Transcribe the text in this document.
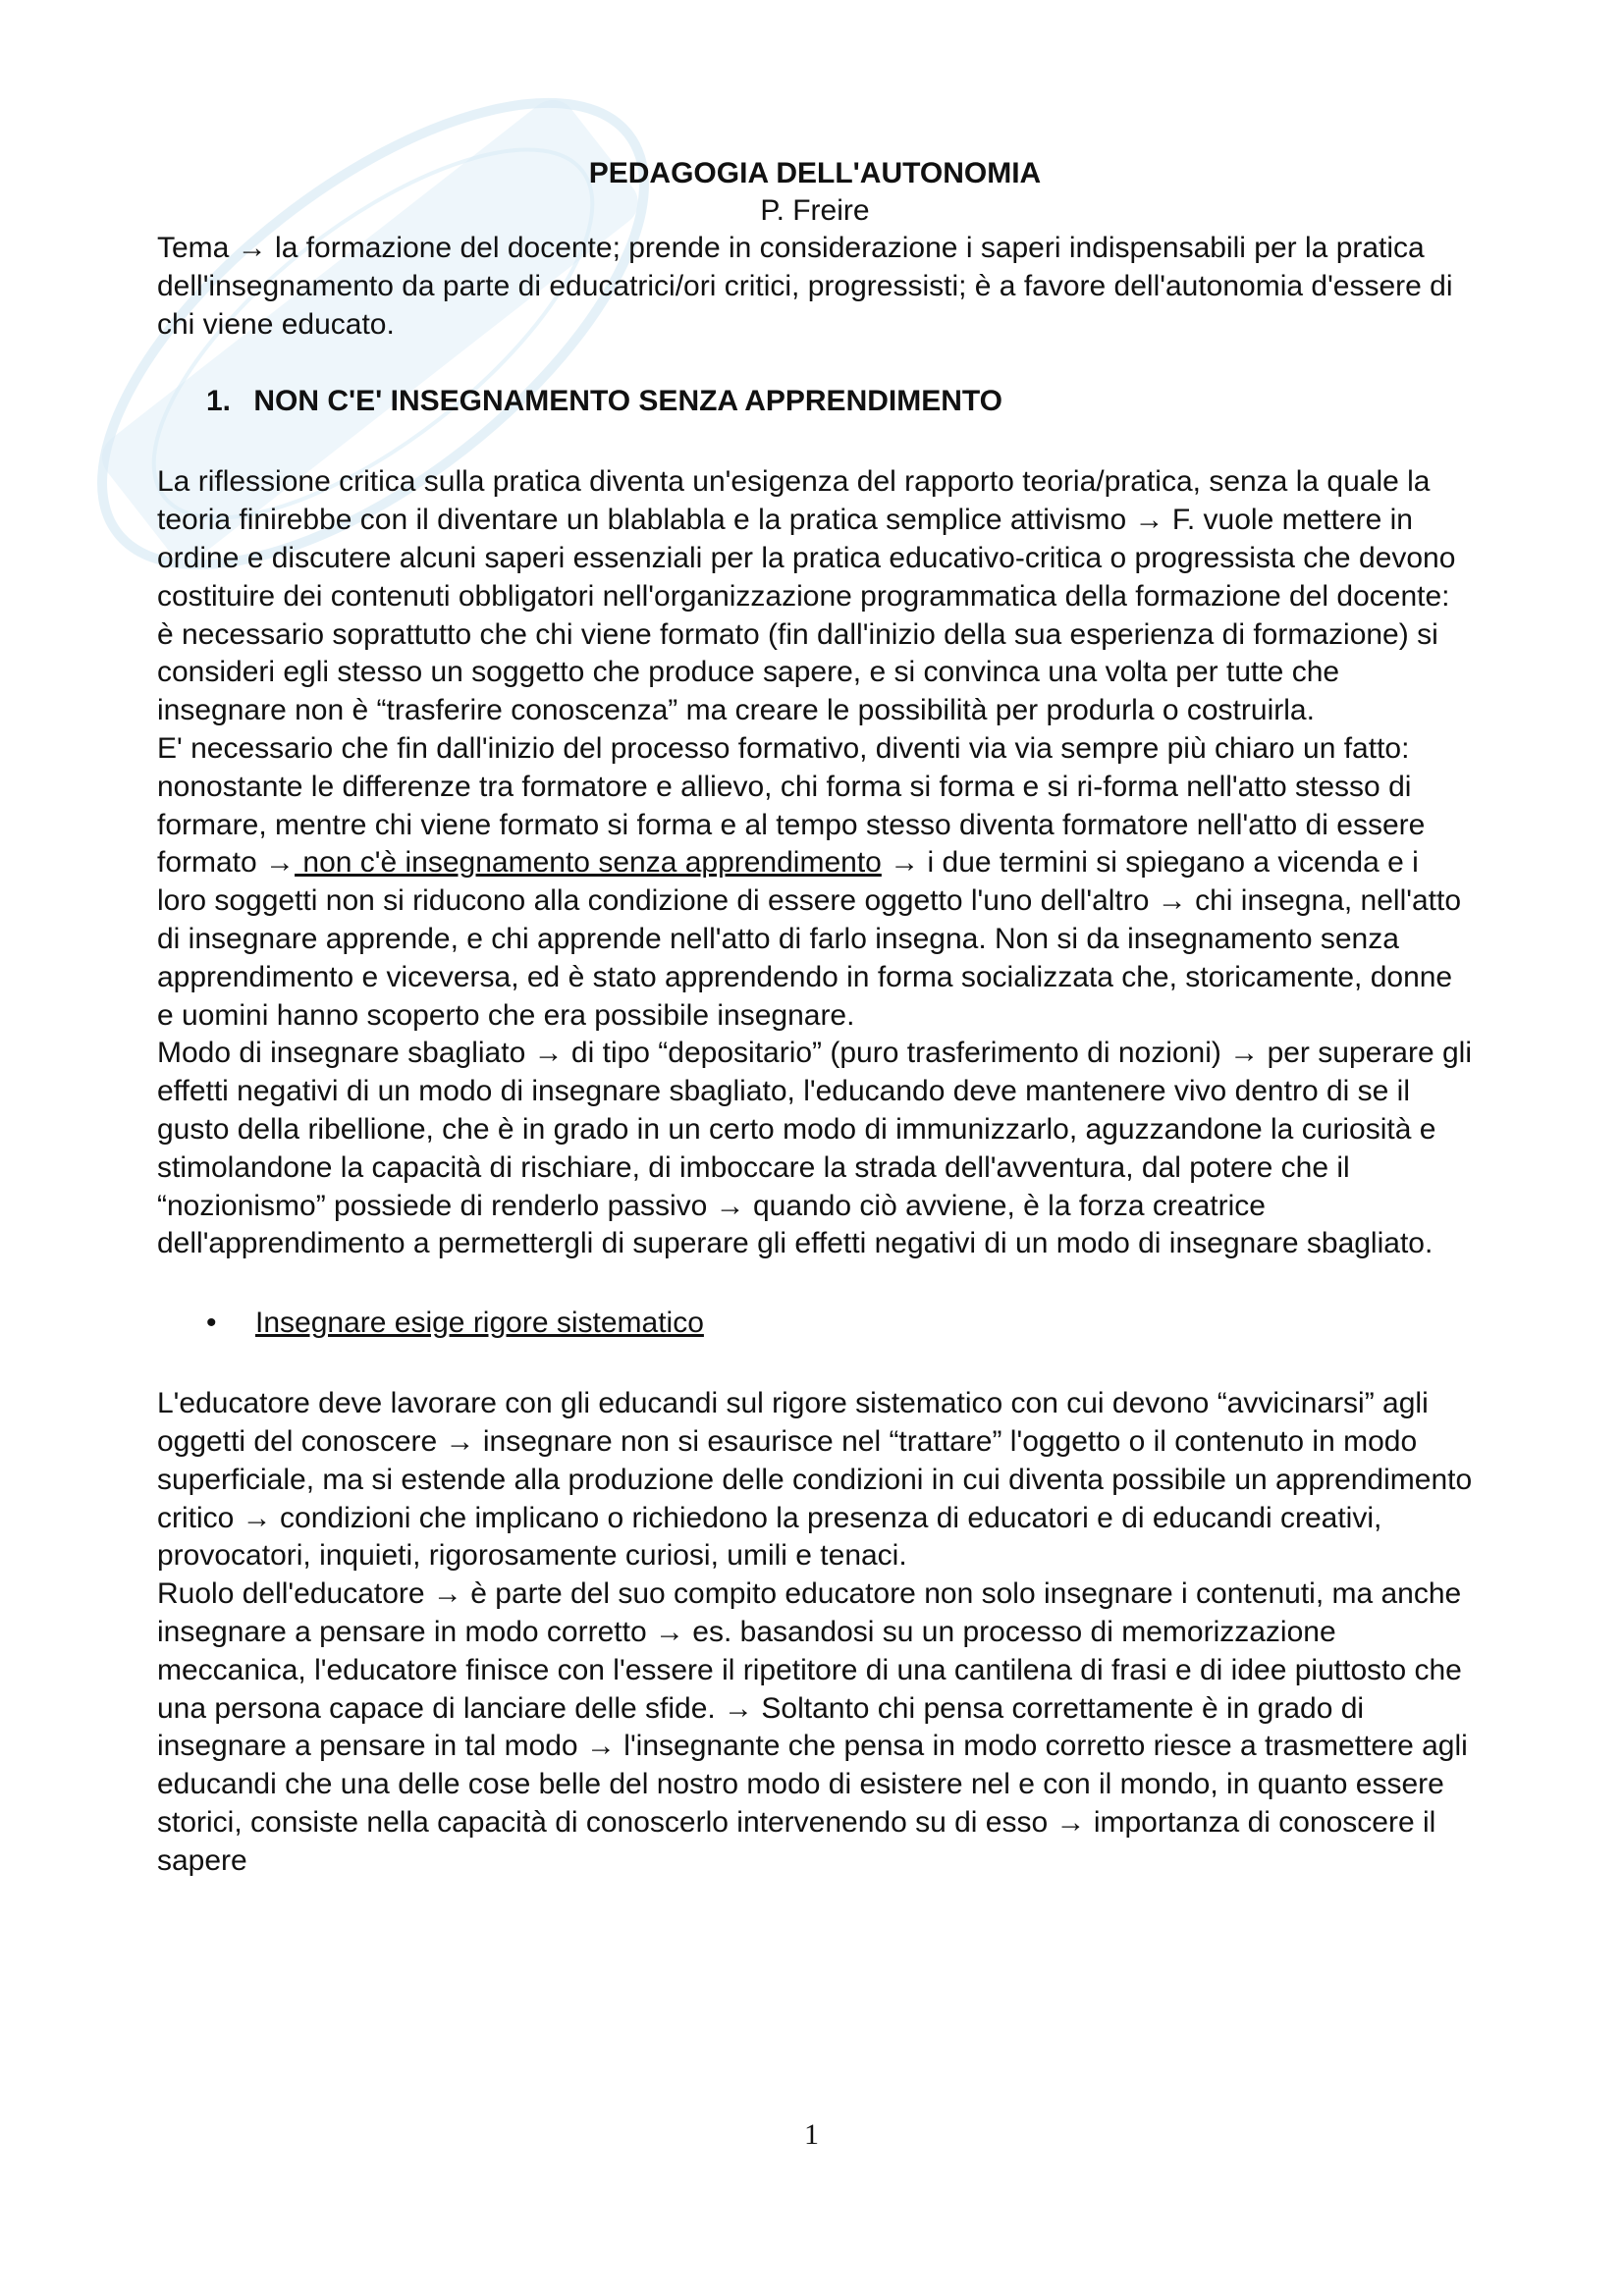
PEDAGOGIA DELL'AUTONOMIA

P. Freire

Tema → la formazione del docente; prende in considerazione i saperi indispensabili per la pratica dell'insegnamento da parte di educatrici/ori critici, progressisti; è a favore dell'autonomia d'essere di chi viene educato.

1. NON C'E' INSEGNAMENTO SENZA APPRENDIMENTO

La riflessione critica sulla pratica diventa un'esigenza del rapporto teoria/pratica, senza la quale la teoria finirebbe con il diventare un blablabla e la pratica semplice attivismo → F. vuole mettere in ordine e discutere alcuni saperi essenziali per la pratica educativo-critica o progressista che devono costituire dei contenuti obbligatori nell'organizzazione programmatica della formazione del docente: è necessario soprattutto che chi viene formato (fin dall'inizio della sua esperienza di formazione) si consideri egli stesso un soggetto che produce sapere, e si convinca una volta per tutte che insegnare non è “trasferire conoscenza” ma creare le possibilità per produrla o costruirla.

E' necessario che fin dall'inizio del processo formativo, diventi via via sempre più chiaro un fatto: nonostante le differenze tra formatore e allievo, chi forma si forma e si ri-forma nell'atto stesso di formare, mentre chi viene formato si forma e al tempo stesso diventa formatore nell'atto di essere formato → non c'è insegnamento senza apprendimento → i due termini si spiegano a vicenda e i loro soggetti non si riducono alla condizione di essere oggetto l'uno dell'altro → chi insegna, nell'atto di insegnare apprende, e chi apprende nell'atto di farlo insegna. Non si da insegnamento senza apprendimento e viceversa, ed è stato apprendendo in forma socializzata che, storicamente, donne e uomini hanno scoperto che era possibile insegnare.

Modo di insegnare sbagliato → di tipo “depositario” (puro trasferimento di nozioni) → per superare gli effetti negativi di un modo di insegnare sbagliato, l'educando deve mantenere vivo dentro di se il gusto della ribellione, che è in grado in un certo modo di immunizzarlo, aguzzandone la curiosità e stimolandone la capacità di rischiare, di imboccare la strada dell'avventura, dal potere che il “nozionismo” possiede di renderlo passivo → quando ciò avviene, è la forza creatrice dell'apprendimento a permettergli di superare gli effetti negativi di un modo di insegnare sbagliato.

• Insegnare esige rigore sistematico

L'educatore deve lavorare con gli educandi sul rigore sistematico con cui devono “avvicinarsi” agli oggetti del conoscere → insegnare non si esaurisce nel “trattare” l'oggetto o il contenuto in modo superficiale, ma si estende alla produzione delle condizioni in cui diventa possibile un apprendimento critico → condizioni che implicano o richiedono la presenza di educatori e di educandi creativi, provocatori, inquieti, rigorosamente curiosi, umili e tenaci.

Ruolo dell'educatore → è parte del suo compito educatore non solo insegnare i contenuti, ma anche insegnare a pensare in modo corretto → es. basandosi su un processo di memorizzazione meccanica, l'educatore finisce con l'essere il ripetitore di una cantilena di frasi e di idee piuttosto che una persona capace di lanciare delle sfide. → Soltanto chi pensa correttamente è in grado di insegnare a pensare in tal modo → l'insegnante che pensa in modo corretto riesce a trasmettere agli educandi che una delle cose belle del nostro modo di esistere nel e con il mondo, in quanto essere storici, consiste nella capacità di conoscerlo intervenendo su di esso → importanza di conoscere il sapere

1
